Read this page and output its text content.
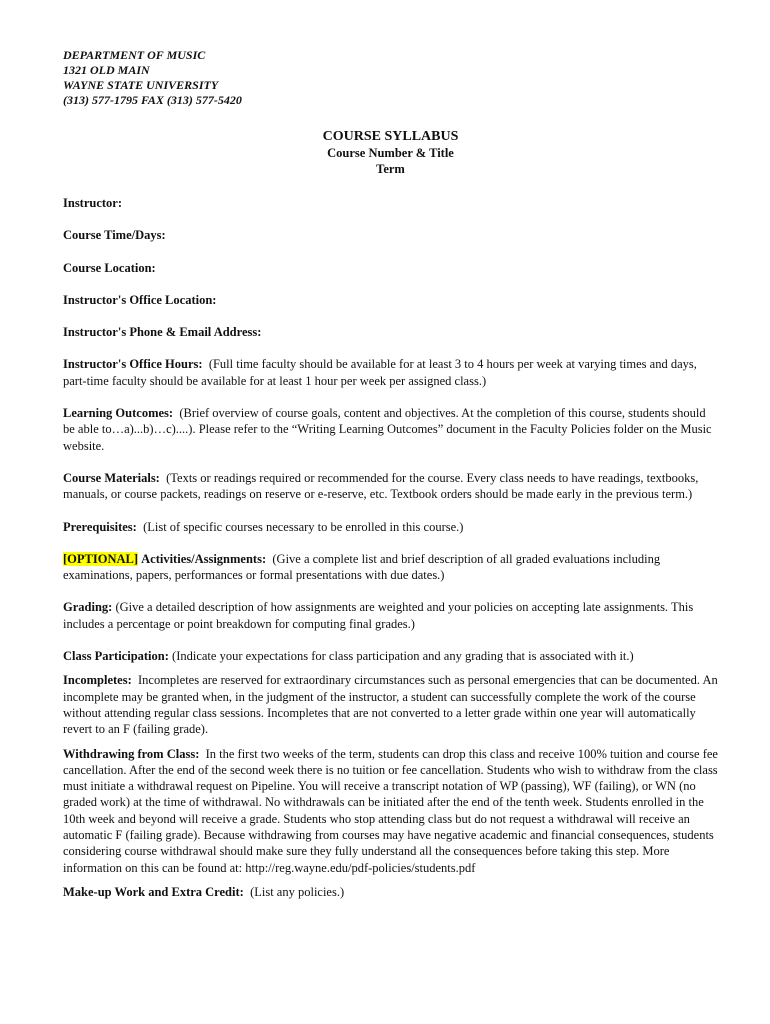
DEPARTMENT OF MUSIC
1321 OLD MAIN
WAYNE STATE UNIVERSITY
(313) 577-1795 FAX (313) 577-5420
COURSE SYLLABUS
Course Number & Title
Term

Instructor:

Course Time/Days:

Course Location:

Instructor's Office Location:

Instructor's Phone & Email Address:

Instructor's Office Hours: (Full time faculty should be available for at least 3 to 4 hours per week at varying times and days, part-time faculty should be available for at least 1 hour per week per assigned class.)

Learning Outcomes: (Brief overview of course goals, content and objectives. At the completion of this course, students should be able to…a)...b)…c)....). Please refer to the “Writing Learning Outcomes” document in the Faculty Policies folder on the Music website.

Course Materials: (Texts or readings required or recommended for the course. Every class needs to have readings, textbooks, manuals, or course packets, readings on reserve or e-reserve, etc. Textbook orders should be made early in the previous term.)

Prerequisites: (List of specific courses necessary to be enrolled in this course.)

[OPTIONAL] Activities/Assignments: (Give a complete list and brief description of all graded evaluations including examinations, papers, performances or formal presentations with due dates.)

Grading: (Give a detailed description of how assignments are weighted and your policies on accepting late assignments. This includes a percentage or point breakdown for computing final grades.)

Class Participation: (Indicate your expectations for class participation and any grading that is associated with it.)

Incompletes: Incompletes are reserved for extraordinary circumstances such as personal emergencies that can be documented. An incomplete may be granted when, in the judgment of the instructor, a student can successfully complete the work of the course without attending regular class sessions. Incompletes that are not converted to a letter grade within one year will automatically revert to an F (failing grade).

Withdrawing from Class: In the first two weeks of the term, students can drop this class and receive 100% tuition and course fee cancellation. After the end of the second week there is no tuition or fee cancellation. Students who wish to withdraw from the class must initiate a withdrawal request on Pipeline. You will receive a transcript notation of WP (passing), WF (failing), or WN (no graded work) at the time of withdrawal. No withdrawals can be initiated after the end of the tenth week. Students enrolled in the 10th week and beyond will receive a grade. Students who stop attending class but do not request a withdrawal will receive an automatic F (failing grade). Because withdrawing from courses may have negative academic and financial consequences, students considering course withdrawal should make sure they fully understand all the consequences before taking this step. More information on this can be found at: http://reg.wayne.edu/pdf-policies/students.pdf

Make-up Work and Extra Credit: (List any policies.)
